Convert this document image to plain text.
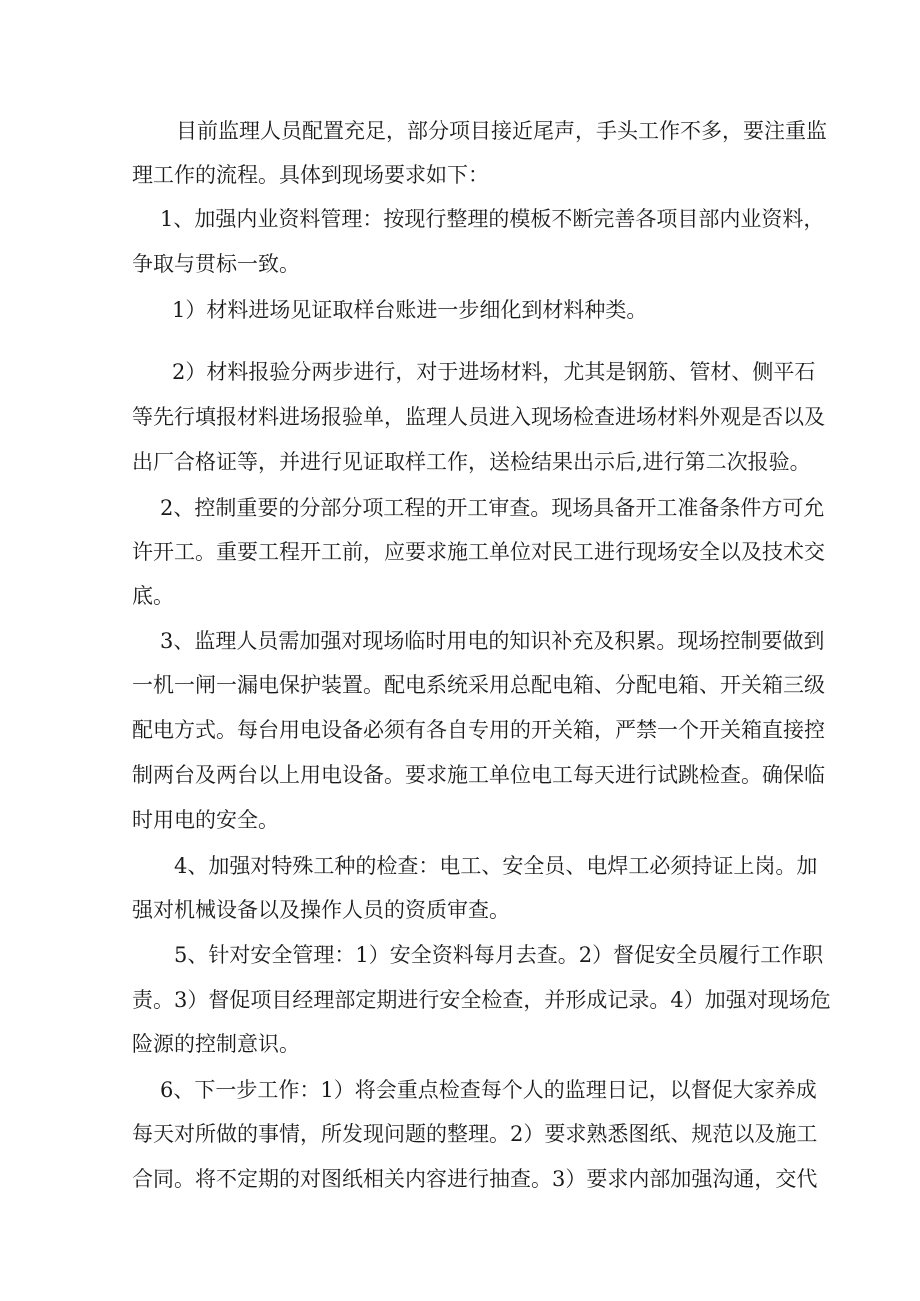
目前监理人员配置充足，部分项目接近尾声，手头工作不多，要注重监

理工作的流程。具体到现场要求如下：

1、加强内业资料管理：按现行整理的模板不断完善各项目部内业资料，

争取与贯标一致。

1）材料进场见证取样台账进一步细化到材料种类。

2）材料报验分两步进行，对于进场材料，尤其是钢筋、管材、侧平石

等先行填报材料进场报验单，监理人员进入现场检查进场材料外观是否以及

出厂合格证等，并进行见证取样工作，送检结果出示后,进行第二次报验。

2、控制重要的分部分项工程的开工审查。现场具备开工准备条件方可允

许开工。重要工程开工前，应要求施工单位对民工进行现场安全以及技术交

底。

3、监理人员需加强对现场临时用电的知识补充及积累。现场控制要做到

一机一闸一漏电保护装置。配电系统采用总配电箱、分配电箱、开关箱三级

配电方式。每台用电设备必须有各自专用的开关箱，严禁一个开关箱直接控

制两台及两台以上用电设备。要求施工单位电工每天进行试跳检查。确保临

时用电的安全。

4、加强对特殊工种的检查：电工、安全员、电焊工必须持证上岗。加

强对机械设备以及操作人员的资质审查。

5、针对安全管理：1）安全资料每月去查。2）督促安全员履行工作职

责。3）督促项目经理部定期进行安全检查，并形成记录。4）加强对现场危

险源的控制意识。

6、下一步工作：1）将会重点检查每个人的监理日记，以督促大家养成

每天对所做的事情，所发现问题的整理。2）要求熟悉图纸、规范以及施工

合同。将不定期的对图纸相关内容进行抽查。3）要求内部加强沟通，交代
